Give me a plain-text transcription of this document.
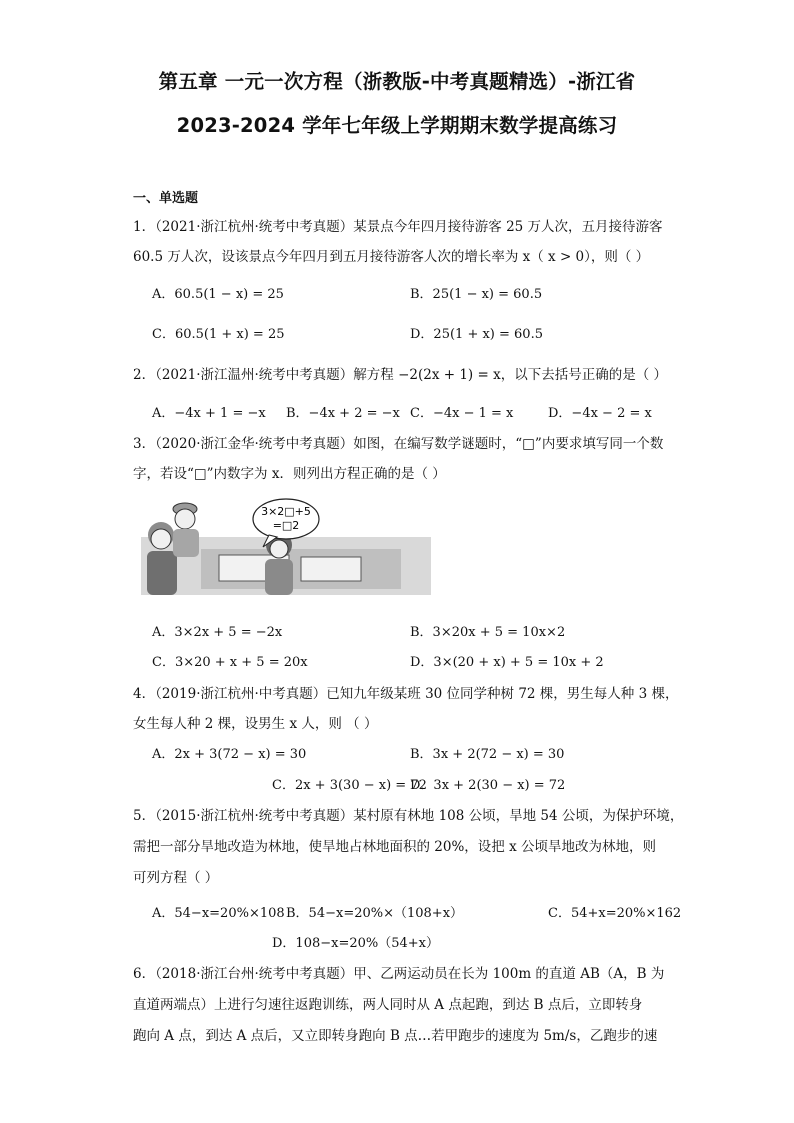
第五章 一元一次方程（浙教版-中考真题精选）-浙江省
2023-2024 学年七年级上学期期末数学提高练习
一、单选题
1．（2021·浙江杭州·统考中考真题）某景点今年四月接待游客 25 万人次，五月接待游客
60.5 万人次，设该景点今年四月到五月接待游客人次的增长率为 x（ x > 0），则（ ）
A．60.5(1 − x) = 25	B．25(1 − x) = 60.5
C．60.5(1 + x) = 25	D．25(1 + x) = 60.5
2．（2021·浙江温州·统考中考真题）解方程 −2(2x + 1) = x，以下去括号正确的是（ ）
A．−4x + 1 = −x B．−4x + 2 = −x C．−4x − 1 = x	D．−4x − 2 = x
3．（2020·浙江金华·统考中考真题）如图，在编写数学谜题时，“□”内要求填写同一个数
字，若设“□”内数字为 x．则列出方程正确的是（ ）
3×2□+5
=□2
A．3×2x + 5 = −2x	B．3×20x + 5 = 10x×2
C．3×20 + x + 5 = 20x	D．3×(20 + x) + 5 = 10x + 2
4．（2019·浙江杭州·中考真题）已知九年级某班 30 位同学种树 72 棵，男生每人种 3 棵，
女生每人种 2 棵，设男生 x 人，则 （ ）
A．2x + 3(72 − x) = 30	B．3x + 2(72 − x) = 30
C．2x + 3(30 − x) = 72
D．3x + 2(30 − x) = 72
5．（2015·浙江杭州·统考中考真题）某村原有林地 108 公顷，旱地 54 公顷，为保护环境，
需把一部分旱地改造为林地，使旱地占林地面积的 20%，设把 x 公顷旱地改为林地，则
可列方程（ ）
A．54−x=20%×108 B．54−x=20%×（108+x）	C．54+x=20%×162
D．108−x=20%（54+x）
6．（2018·浙江台州·统考中考真题）甲、乙两运动员在长为 100m 的直道 AB（A，B 为
直道两端点）上进行匀速往返跑训练，两人同时从 A 点起跑，到达 B 点后，立即转身
跑向 A 点，到达 A 点后，又立即转身跑向 B 点…若甲跑步的速度为 5m/s，乙跑步的速
